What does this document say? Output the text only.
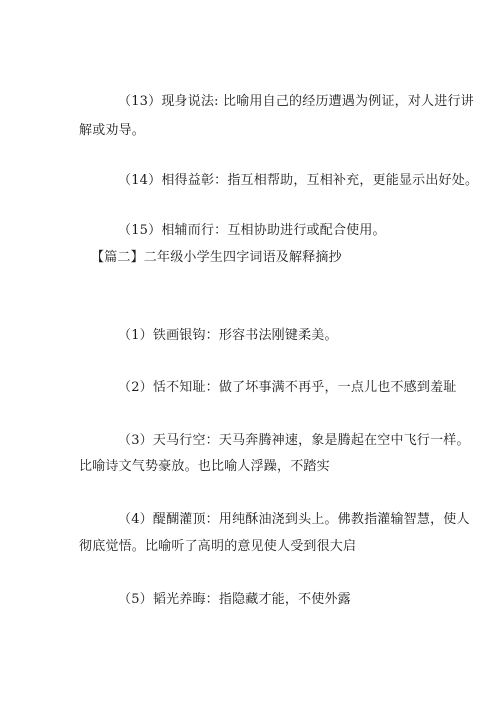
（13）现身说法: 比喻用自己的经历遭遇为例证，对人进行讲
解或劝导。
（14）相得益彰：指互相帮助，互相补充，更能显示出好处。
（15）相辅而行：互相协助进行或配合使用。
【篇二】二年级小学生四字词语及解释摘抄
（1）铁画银钩：形容书法刚键柔美。
（2）恬不知耻：做了坏事满不再乎，一点儿也不感到羞耻
（3）天马行空：天马奔腾神速，象是腾起在空中飞行一样。
比喻诗文气势豪放。也比喻人浮躁，不踏实
（4）醍醐灌顶：用纯酥油浇到头上。佛教指灌输智慧，使人
彻底觉悟。比喻听了高明的意见使人受到很大启
（5）韬光养晦：指隐藏才能，不使外露
